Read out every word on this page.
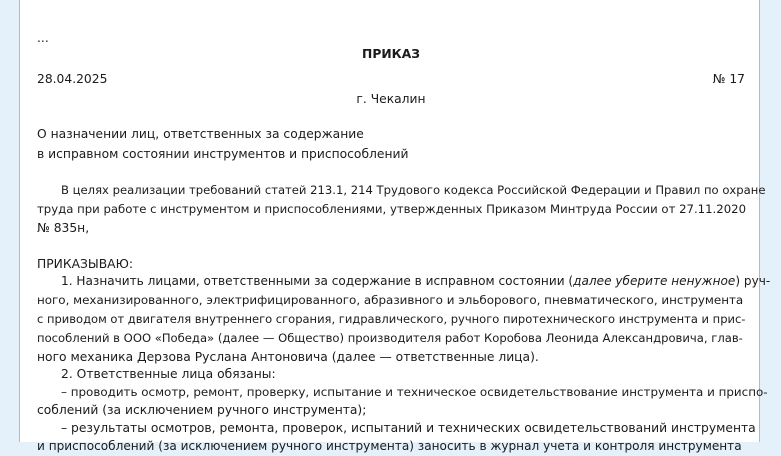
...
ПРИКАЗ
28.04.2025	№ 17
г. Чекалин
О назначении лиц, ответственных за содержание
в исправном состоянии инструментов и приспособлений
В целях реализации требований статей 213.1, 214 Трудового кодекса Российской Федерации и Правил по охране
труда при работе с инструментом и приспособлениями, утвержденных Приказом Минтруда России от 27.11.2020
№ 835н,
ПРИКАЗЫВАЮ:
1. Назначить лицами, ответственными за содержание в исправном состоянии (далее уберите ненужное) руч-
ного, механизированного, электрифицированного, абразивного и эльборового, пневматического, инструмента
с приводом от двигателя внутреннего сгорания, гидравлического, ручного пиротехнического инструмента и прис-
пособлений в ООО «Победа» (далее — Общество) производителя работ Коробова Леонида Александровича, глав-
ного механика Дерзова Руслана Антоновича (далее — ответственные лица).
2. Ответственные лица обязаны:
– проводить осмотр, ремонт, проверку, испытание и техническое освидетельствование инструмента и приспо-
соблений (за исключением ручного инструмента);
– результаты осмотров, ремонта, проверок, испытаний и технических освидетельствований инструмента
и приспособлений (за исключением ручного инструмента) заносить в журнал учета и контроля инструмента
